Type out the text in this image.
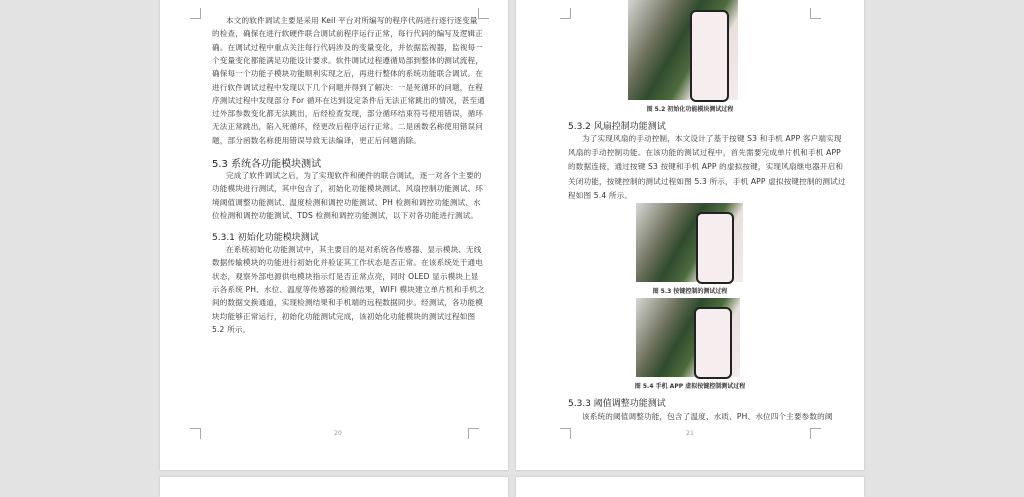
本文的软件调试主要是采用 Keil 平台对所编写的程序代码进行逐行逐变量
的检查，确保在进行软硬件联合调试前程序运行正常，每行代码的编写及逻辑正
确。在调试过程中重点关注每行代码涉及的变量变化，并依据监视器，监视每一
个变量变化都能满足功能设计要求。软件调试过程遵循局部到整体的测试流程，
确保每一个功能子模块功能顺利实现之后，再进行整体的系统功能联合调试。在
进行软件调试过程中发现以下几个问题并得到了解决：一是死循环的问题，在程
序测试过程中发现部分 For 循环在达到设定条件后无法正常跳出的情况，甚至通
过外部参数变化都无法跳出，后经检查发现，部分循环结束符号使用错误，循环
无法正常跳出，陷入死循环，经更改后程序运行正常。二是函数名称使用错误问
题，部分函数名称使用错误导致无法编译，更正后问题消除。
5.3 系统各功能模块测试
完成了软件调试之后，为了实现软件和硬件的联合调试，逐一对各个主要的
功能模块进行测试，其中包含了，初始化功能模块测试、风扇控制功能测试、环
境阈值调整功能测试、温度检测和调控功能测试、PH 检测和调控功能测试、水
位检测和调控功能测试、TDS 检测和调控功能测试，以下对各功能进行测试。
5.3.1 初始化功能模块测试
在系统初始化功能测试中，其主要目的是对系统各传感器、显示模块、无线
数据传输模块的功能进行初始化并验证其工作状态是否正常。在该系统处于通电
状态，观察外部电源供电模块指示灯是否正常点亮，同时 OLED 显示模块上显
示各系统 PH、水位、温度等传感器的检测结果，WIFI 模块建立单片机和手机之
间的数据交换通道，实现检测结果和手机端的远程数据同步。经测试，各功能模
块均能够正常运行，初始化功能测试完成，该初始化功能模块的测试过程如图
5.2 所示。
20
图 5.2 初始化功能模块测试过程
5.3.2 风扇控制功能测试
为了实现风扇的手动控制，本文设计了基于按键 S3 和手机 APP 客户端实现
风扇的手动控制功能。在该功能的测试过程中，首先需要完成单片机和手机 APP
的数据连接，通过按键 S3 按键和手机 APP 的虚拟按键，实现风扇继电器开启和
关闭功能，按键控制的测试过程如图 5.3 所示，手机 APP 虚拟按键控制的测试过
程如图 5.4 所示。
图 5.3 按键控制的测试过程
图 5.4 手机 APP 虚拟按键控制测试过程
5.3.3 阈值调整功能测试
该系统的阈值调整功能，包含了温度、水质、PH、水位四个主要参数的阈
21
